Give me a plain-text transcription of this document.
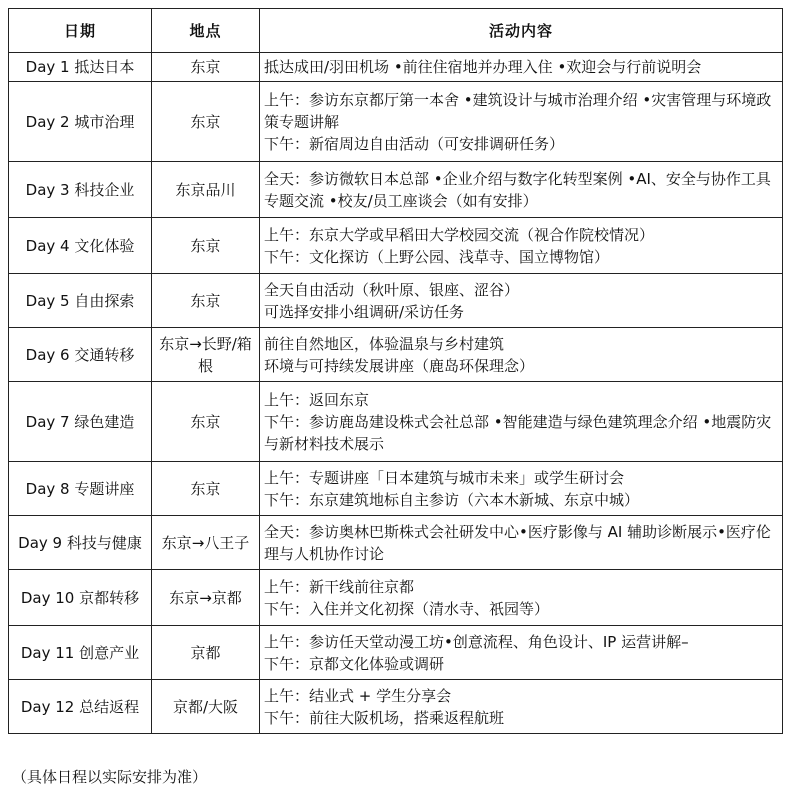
日期	地点	活动内容
Day 1 抵达日本	东京	抵达成田/羽田机场 •前往住宿地并办理入住 •欢迎会与行前说明会

Day 2 城市治理	东京	上午：参访东京都厅第一本舍 •建筑设计与城市治理介绍 •灾害管理与环境政策专题讲解
下午：新宿周边自由活动（可安排调研任务）

Day 3 科技企业	东京品川	全天：参访微软日本总部 •企业介绍与数字化转型案例 •AI、安全与协作工具专题交流 •校友/员工座谈会（如有安排）

Day 4 文化体验	东京	上午：东京大学或早稻田大学校园交流（视合作院校情况）
下午：文化探访（上野公园、浅草寺、国立博物馆）

Day 5 自由探索	东京	全天自由活动（秋叶原、银座、涩谷）
可选择安排小组调研/采访任务

Day 6 交通转移	东京→长野/箱根	前往自然地区，体验温泉与乡村建筑
环境与可持续发展讲座（鹿岛环保理念）

Day 7 绿色建造	东京	上午：返回东京
下午：参访鹿岛建设株式会社总部 •智能建造与绿色建筑理念介绍 •地震防灾与新材料技术展示

Day 8 专题讲座	东京	上午：专题讲座「日本建筑与城市未来」或学生研讨会
下午：东京建筑地标自主参访（六本木新城、东京中城）

Day 9 科技与健康	东京→八王子	全天：参访奥林巴斯株式会社研发中心•医疗影像与 AI 辅助诊断展示•医疗伦理与人机协作讨论

Day 10 京都转移	东京→京都	上午：新干线前往京都
下午：入住并文化初探（清水寺、祇园等）

Day 11 创意产业	京都	上午：参访任天堂动漫工坊•创意流程、角色设计、IP 运营讲解–
下午：京都文化体验或调研

Day 12 总结返程	京都/大阪	上午：结业式 + 学生分享会
下午：前往大阪机场，搭乘返程航班
（具体日程以实际安排为准）
